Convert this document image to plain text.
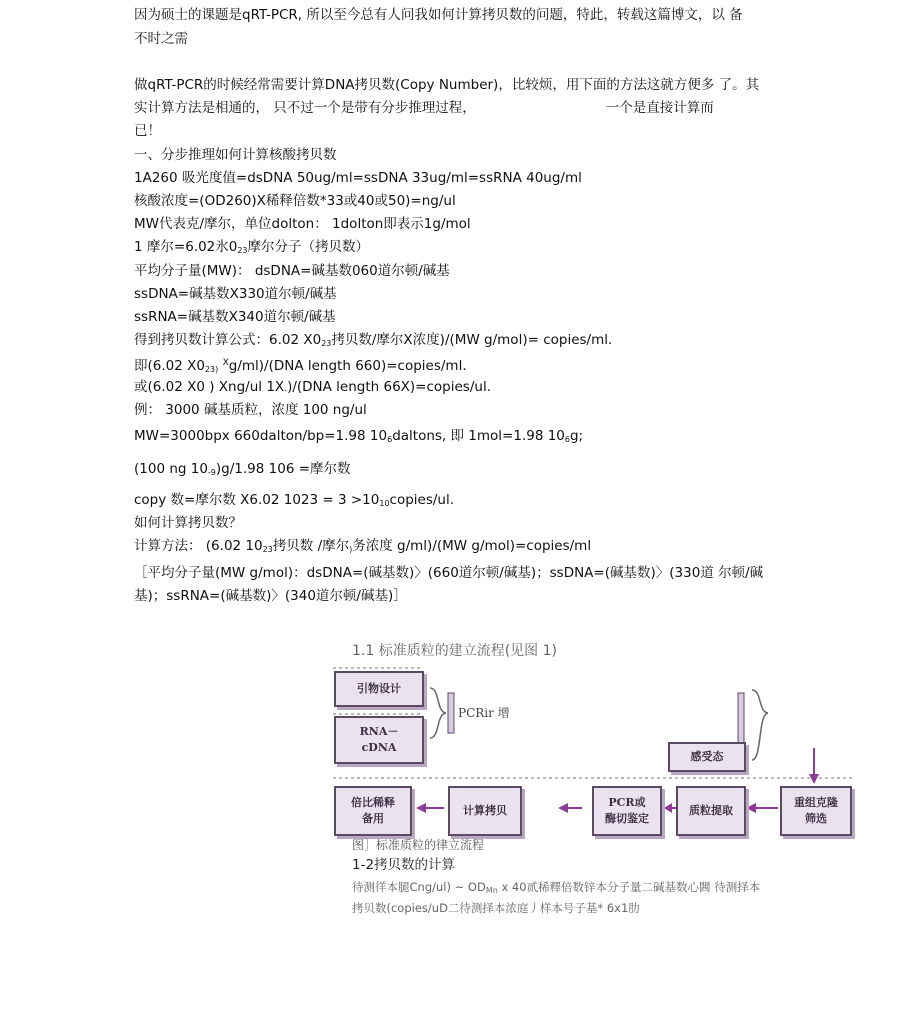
因为硕士的课题是qRT-PCR, 所以至今总有人问我如何计算拷贝数的问题，特此，转载这篇博文，以 备
不时之需
做qRT-PCR的时候经常需要计算DNA拷贝数(Copy Number)，比较烦，用下面的方法这就方便多 了。其
实计算方法是相通的， 只不过一个是带有分步推理过程，	一个是直接计算而
已！
一、分步推理如何计算核酸拷贝数
1A260 吸光度值=dsDNA 50ug/ml=ssDNA 33ug/ml=ssRNA 40ug/ml
核酸浓度=(OD260)X稀释倍数*33或40或50)=ng/ul
MW代表克/摩尔，单位dolton： 1dolton即表示1g/mol
1 摩尔=6.02氷$0_{23}$摩尔分子（拷贝数）
平均分子量(MW)： dsDNA=碱基数060道尔顿/碱基
ssDNA=碱基数X330道尔顿/碱基
ssRNA=碱基数X340道尔顿/碱基
得到拷贝数计算公式：6.02 $X0_{23}$拷贝数/摩尔X浓度)/(MW g/mol)= copies/ml.
即(6.02 $X0_{23)}$ $^X$g/ml)/(DNA length 660)=copies/ml.
或(6.02 X0 ) Xng/ul $1X_-)/(DNA$ length 66X)=copies/ul.
例： 3000 碱基质粒，浓度 100 ng/ul
MW=3000bpx 660dalton/bp=1.98 $10_6daltons$, 即 1mol=1.98 $10_6g$;
(100 ng $10_{-9})g/1.98$ 106 =摩尔数
copy 数=摩尔数 X6.02 $1023 = 3 >10_{10}copies/ul$.
如何计算拷贝数？
计算方法： (6.02 $10_{23}$拷贝数 /摩尔$_)$务浓度 g/ml)/(MW g/mol)=copies/ml
［平均分子量(MW g/mol)：dsDNA=(碱基数)〉(660道尔顿/碱基)；ssDNA=(碱基数)〉(330道 尔顿/碱
基)；ssRNA=(碱基数)〉(340道尔顿/碱基)］
1.1 标准质粒的建立流程(见图 1)
引物设计
RNA－
cDNA
PCRir 增
感受态
重组克隆
筛选
质粒提取
PCR或
酶切鉴定
计算拷贝
倍比稀释
备用
图］标准质粒的律立流程
1-2拷贝数的计算
待测徉本腿Cng/ul) ~ $OD_{Mn}$ x 40贰稀釋倍数锌本分子量二碱基数心閪 待测择本
拷贝数(copies/uD二待测择本浓庭丿样本号子基* 6x1肋
